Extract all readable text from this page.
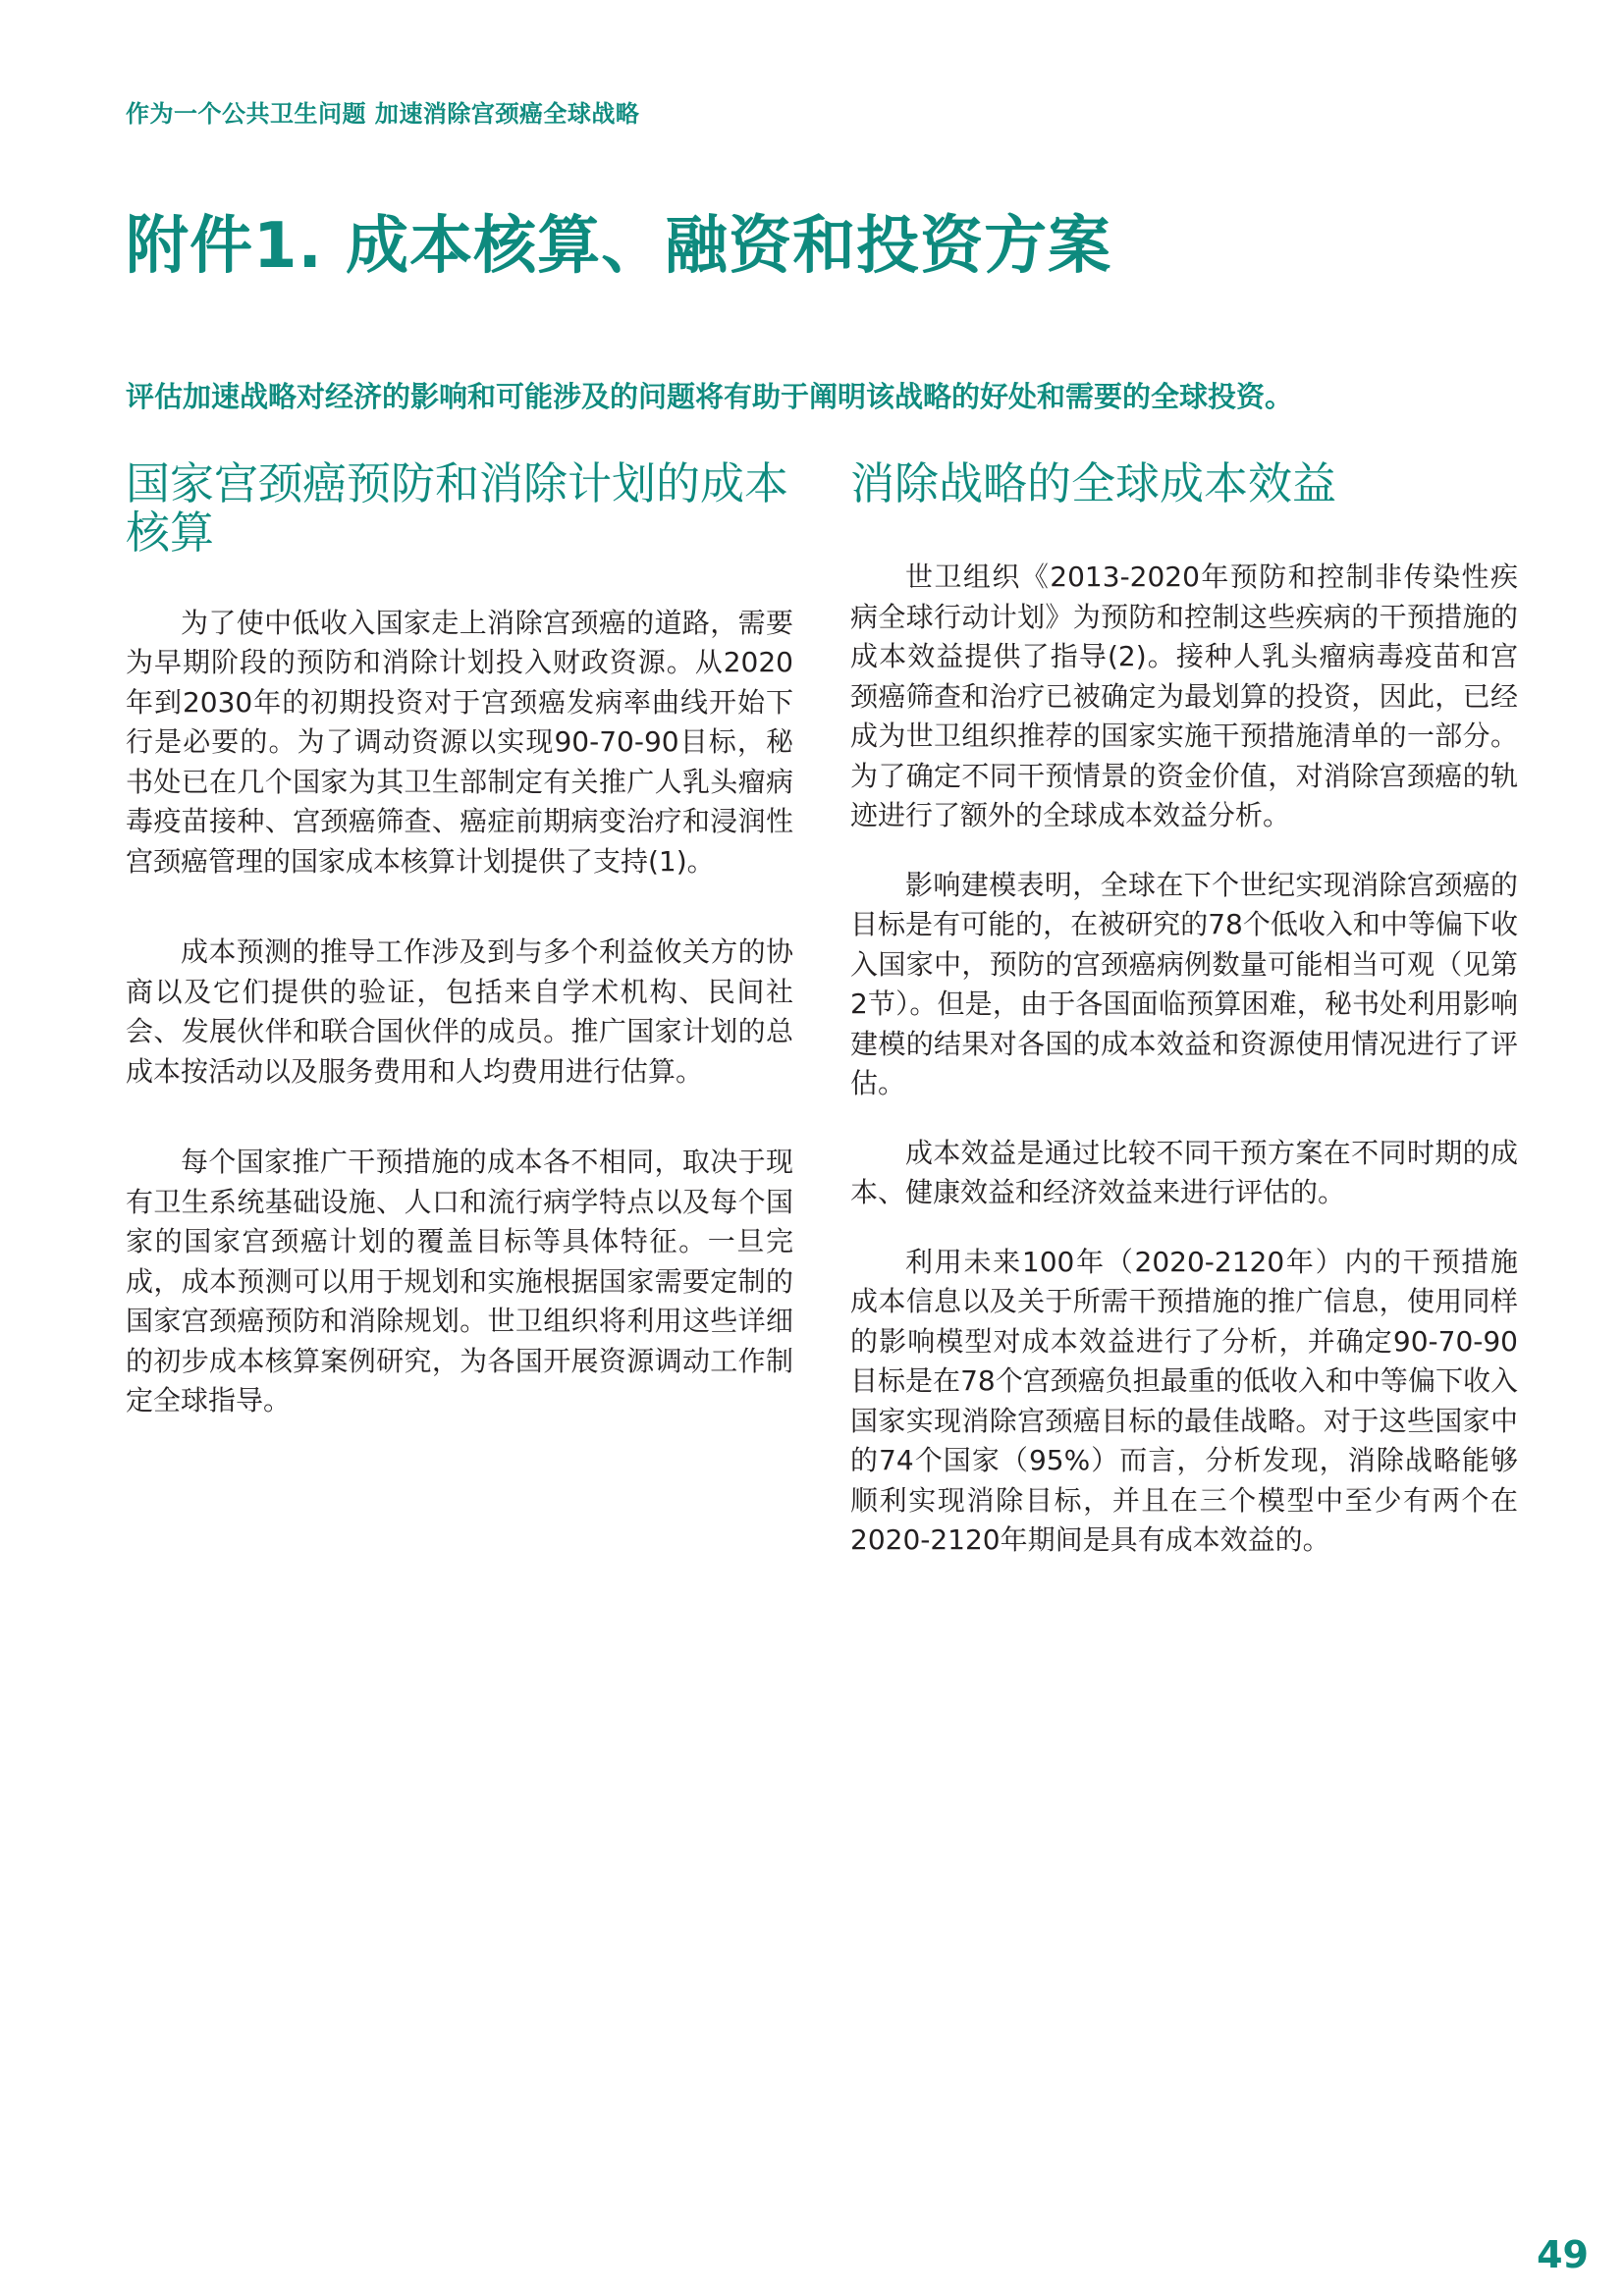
作为一个公共卫生问题 加速消除宫颈癌全球战略
附件1. 成本核算、融资和投资方案

评估加速战略对经济的影响和可能涉及的问题将有助于阐明该战略的好处和需要的全球投资。

国家宫颈癌预防和消除计划的成本核算

为了使中低收入国家走上消除宫颈癌的道路，需要为早期阶段的预防和消除计划投入财政资源。从2020年到2030年的初期投资对于宫颈癌发病率曲线开始下行是必要的。为了调动资源以实现90-70-90目标，秘书处已在几个国家为其卫生部制定有关推广人乳头瘤病毒疫苗接种、宫颈癌筛查、癌症前期病变治疗和浸润性宫颈癌管理的国家成本核算计划提供了支持(1)。

成本预测的推导工作涉及到与多个利益攸关方的协商以及它们提供的验证，包括来自学术机构、民间社会、发展伙伴和联合国伙伴的成员。推广国家计划的总成本按活动以及服务费用和人均费用进行估算。

每个国家推广干预措施的成本各不相同，取决于现有卫生系统基础设施、人口和流行病学特点以及每个国家的国家宫颈癌计划的覆盖目标等具体特征。一旦完成，成本预测可以用于规划和实施根据国家需要定制的国家宫颈癌预防和消除规划。世卫组织将利用这些详细的初步成本核算案例研究，为各国开展资源调动工作制定全球指导。

消除战略的全球成本效益

世卫组织《2013-2020年预防和控制非传染性疾病全球行动计划》为预防和控制这些疾病的干预措施的成本效益提供了指导(2)。接种人乳头瘤病毒疫苗和宫颈癌筛查和治疗已被确定为最划算的投资，因此，已经成为世卫组织推荐的国家实施干预措施清单的一部分。为了确定不同干预情景的资金价值，对消除宫颈癌的轨迹进行了额外的全球成本效益分析。

影响建模表明，全球在下个世纪实现消除宫颈癌的目标是有可能的，在被研究的78个低收入和中等偏下收入国家中，预防的宫颈癌病例数量可能相当可观（见第2节）。但是，由于各国面临预算困难，秘书处利用影响建模的结果对各国的成本效益和资源使用情况进行了评估。

成本效益是通过比较不同干预方案在不同时期的成本、健康效益和经济效益来进行评估的。

利用未来100年（2020-2120年）内的干预措施成本信息以及关于所需干预措施的推广信息，使用同样的影响模型对成本效益进行了分析，并确定90-70-90目标是在78个宫颈癌负担最重的低收入和中等偏下收入国家实现消除宫颈癌目标的最佳战略。对于这些国家中的74个国家（95%）而言，分析发现，消除战略能够顺利实现消除目标，并且在三个模型中至少有两个在2020-2120年期间是具有成本效益的。

49
